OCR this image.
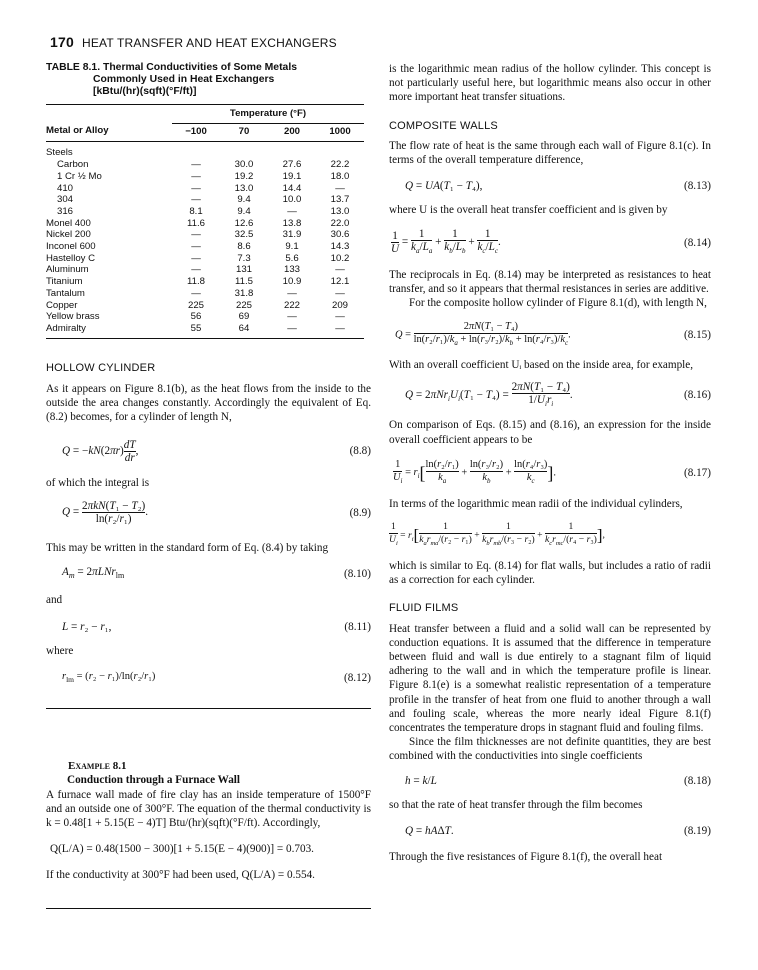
170 HEAT TRANSFER AND HEAT EXCHANGERS
TABLE 8.1. Thermal Conductivities of Some Metals
Commonly Used in Heat Exchangers
[kBtu/(hr)(sqft)(°F/ft)]
	Temperature (°F)			
Metal or Alloy	−100	70	200	1000
Steels				
Carbon	—	30.0	27.6	22.2
1 Cr ½ Mo	—	19.2	19.1	18.0
410	—	13.0	14.4	—
304	—	9.4	10.0	13.7
316	8.1	9.4	—	13.0
Monel 400	11.6	12.6	13.8	22.0
Nickel 200	—	32.5	31.9	30.6
Inconel 600	—	8.6	9.1	14.3
Hastelloy C	—	7.3	5.6	10.2
Aluminum	—	131	133	—
Titanium	11.8	11.5	10.9	12.1
Tantalum	—	31.8	—	—
Copper	225	225	222	209
Yellow brass	56	69	—	—
Admiralty	55	64	—	—
HOLLOW CYLINDER

As it appears on Figure 8.1(b), as the heat flows from the inside to the outside the area changes constantly. Accordingly the equivalent of Eq. (8.2) becomes, for a cylinder of length N,

$Q = -kN(2\pi r) \frac{dT}{dr}$ ,	(8.8)
of which the integral is
$Q = \frac{\text{2πkN(T₁ − T₂)}}{\text{ln(r₂/r₁)}}$ .	(8.9)

This may be written in the standard form of Eq. (8.4) by taking

$A_m = 2\pi LNr_{lm}$	(8.10)
and
L = r₂ − r₁,	(8.11)
where
$r_{lm} = (r_2 - r_1)/\ln(r_2/r_1)$	(8.12)
Example 8.1
Conduction through a Furnace Wall

A furnace wall made of fire clay has an inside temperature of 1500°F and an outside one of 300°F. The equation of the thermal conductivity is k = 0.48[1 + 5.15(E − 4)T] Btu/(hr)(sqft)(°F/ft). Accordingly,

Q(L/A) = 0.48(1500 − 300)[1 + 5.15(E − 4)(900)] = 0.703.
If the conductivity at 300°F had been used, Q(L/A) = 0.554.

is the logarithmic mean radius of the hollow cylinder. This concept is not particularly useful here, but logarithmic means also occur in other more important heat transfer situations.

COMPOSITE WALLS

The flow rate of heat is the same through each wall of Figure 8.1(c). In terms of the overall temperature difference,

Q = UA(T₁ − T₄),	(8.13)

where U is the overall heat transfer coefficient and is given by

$\frac{1}{U} = \frac{1}{k_a/L_a} + \frac{1}{k_b/L_b} + \frac{1}{k_c/L_c}$ .	(8.14)

The reciprocals in Eq. (8.14) may be interpreted as resistances to heat transfer, and so it appears that thermal resistances in series are additive.

For the composite hollow cylinder of Figure 8.1(d), with length N,

$Q = \frac{\text{2πN(T₁ − T₄)}}{\ln(r_2/r_1)/k_a + \ln(r_3/r_2)/k_b + \ln(r_4/r_3)/k_c}$ .	(8.15)

With an overall coefficient Uᵢ based on the inside area, for example,

$Q = 2\pi Nr_iU_i(T_1 - T_4) = \frac{\text{2πN(T₁ − T₄)}}{1/U_ir_i}$ .	(8.16)

On comparison of Eqs. (8.15) and (8.16), an expression for the inside overall coefficient appears to be

$\frac{1}{U_i} = r_i[ \frac{\text{ln(r₂/r₁)}}{k_a} + \frac{\text{ln(r₃/r₂)}}{k_b} + \frac{\text{ln(r₄/r₃)}}{k_c}$ ].	(8.17)

In terms of the logarithmic mean radii of the individual cylinders,

$\frac{1}{U_i} = r_i[ \frac{1}{k_ar_{ma}/(r_2 - r_1)} + \frac{1}{k_br_{mb}/(r_3 - r_2)} + \frac{1}{k_cr_{mc}/(r_4 - r_3)}$ ],

which is similar to Eq. (8.14) for flat walls, but includes a ratio of radii as a correction for each cylinder.

FLUID FILMS

Heat transfer between a fluid and a solid wall can be represented by conduction equations. It is assumed that the difference in temperature between fluid and wall is due entirely to a stagnant film of liquid adhering to the wall and in which the temperature profile is linear. Figure 8.1(e) is a somewhat realistic representation of a temperature profile in the transfer of heat from one fluid to another through a wall and fouling scale, whereas the more nearly ideal Figure 8.1(f) concentrates the temperature drops in stagnant fluid and fouling films.

Since the film thicknesses are not definite quantities, they are best combined with the conductivities into single coefficients

h = k/L	(8.18)

so that the rate of heat transfer through the film becomes

Q = hAΔT.	(8.19)

Through the five resistances of Figure 8.1(f), the overall heat
